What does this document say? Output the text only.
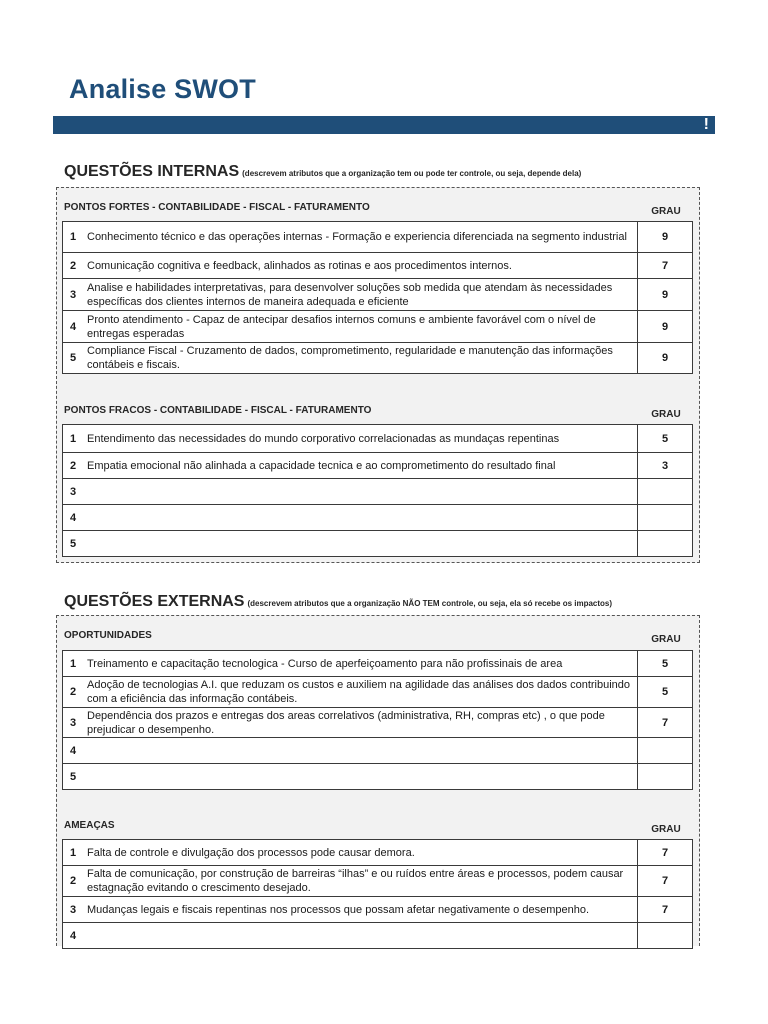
Analise SWOT
!
QUESTÕES INTERNAS (descrevem atributos que a organização tem ou pode ter controle, ou seja, depende dela)
PONTOS FORTES - CONTABILIDADE - FISCAL - FATURAMENTO	GRAU
1	Conhecimento técnico e das operações internas - Formação e experiencia diferenciada na segmento industrial	9
2	Comunicação cognitiva e feedback, alinhados as rotinas e aos procedimentos internos.	7
3	Analise e habilidades interpretativas, para desenvolver soluções sob medida que atendam às necessidades específicas dos clientes internos de maneira adequada e eficiente	9
4	Pronto atendimento - Capaz de antecipar desafios internos comuns e ambiente favorável com o nível de entregas esperadas	9
5	Compliance Fiscal - Cruzamento de dados, comprometimento, regularidade e manutenção das informações contábeis e fiscais.	9
PONTOS FRACOS - CONTABILIDADE - FISCAL - FATURAMENTO	GRAU
1	Entendimento das necessidades do mundo corporativo correlacionadas as mundaças repentinas	5
2	Empatia emocional não alinhada a capacidade tecnica e ao comprometimento do resultado final	3
3		
4		
5		
QUESTÕES EXTERNAS (descrevem atributos que a organização NÃO TEM controle, ou seja, ela só recebe os impactos)
OPORTUNIDADES	GRAU
1	Treinamento e capacitação tecnologica - Curso de aperfeiçoamento para não profissinais de area	5
2	Adoção de tecnologias A.I. que reduzam os custos e auxiliem na agilidade das análises dos dados contribuindo com a eficiência das informação contábeis.	5
3	Dependência dos prazos e entregas dos areas correlativos (administrativa, RH, compras etc) , o que pode prejudicar o desempenho.	7
4		
5		
AMEAÇAS	GRAU
1	Falta de controle e divulgação dos processos pode causar demora.	7
2	Falta de comunicação, por construção de barreiras “ilhas” e ou ruídos entre áreas e processos, podem causar estagnação evitando o crescimento desejado.	7
3	Mudanças legais e fiscais repentinas nos processos que possam afetar negativamente o desempenho.	7
4		
